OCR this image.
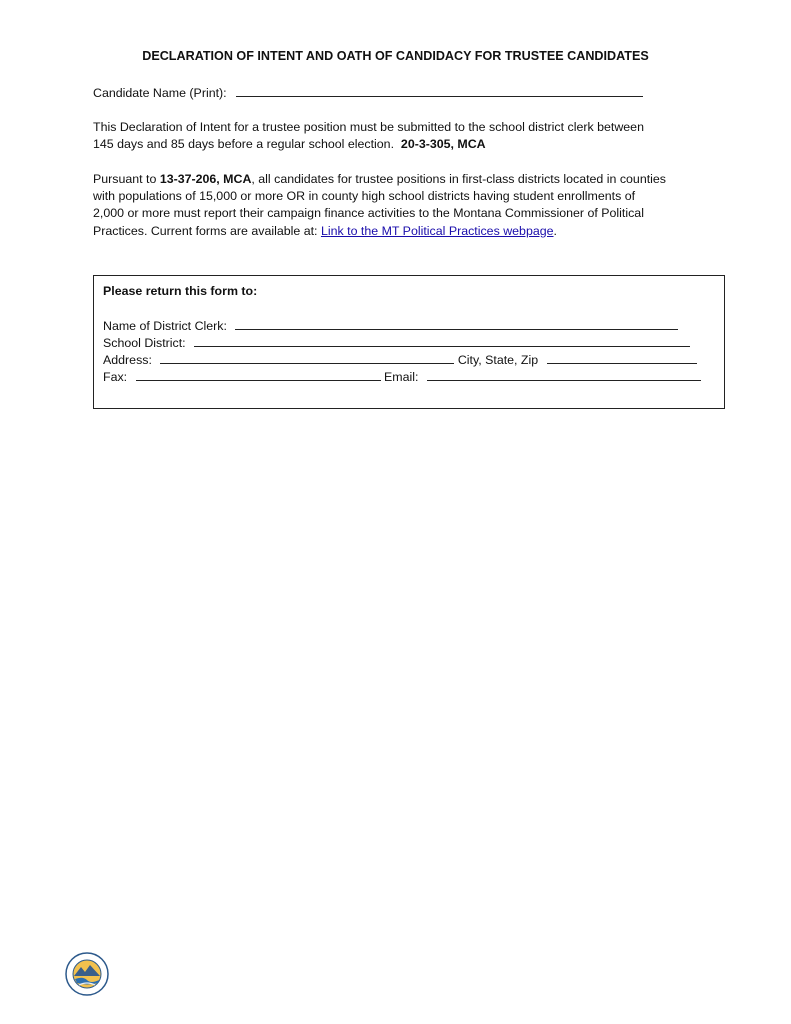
DECLARATION OF INTENT AND OATH OF CANDIDACY FOR TRUSTEE CANDIDATES
Candidate Name (Print):
This Declaration of Intent for a trustee position must be submitted to the school district clerk between
145 days and 85 days before a regular school election. 20-3-305, MCA
Pursuant to 13-37-206, MCA, all candidates for trustee positions in first-class districts located in counties
with populations of 15,000 or more OR in county high school districts having student enrollments of
2,000 or more must report their campaign finance activities to the Montana Commissioner of Political
Practices. Current forms are available at: Link to the MT Political Practices webpage.
Please return this form to:
Name of District Clerk:
School District:
Address:	City, State, Zip
Fax:	Email:
